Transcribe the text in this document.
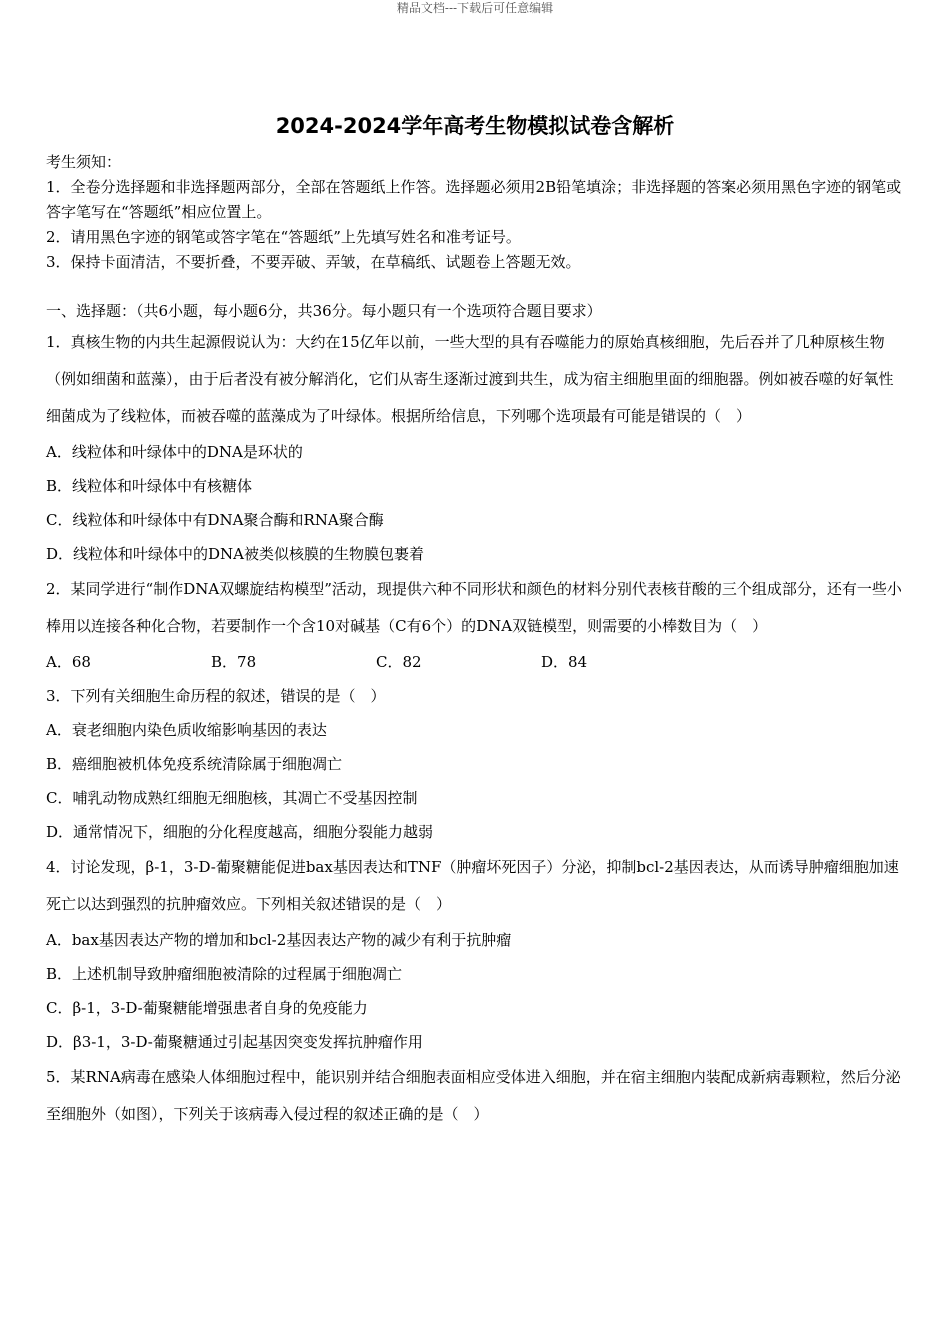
精品文档---下载后可任意编辑
2024-2024学年高考生物模拟试卷含解析

考生须知：

1．全卷分选择题和非选择题两部分，全部在答题纸上作答。选择题必须用2B铅笔填涂；非选择题的答案必须用黑色字迹的钢笔或答字笔写在“答题纸”相应位置上。

2．请用黑色字迹的钢笔或答字笔在“答题纸”上先填写姓名和准考证号。

3．保持卡面清洁，不要折叠，不要弄破、弄皱，在草稿纸、试题卷上答题无效。

一、选择题：（共6小题，每小题6分，共36分。每小题只有一个选项符合题目要求）

1．真核生物的内共生起源假说认为：大约在15亿年以前，一些大型的具有吞噬能力的原始真核细胞，先后吞并了几种原核生物（例如细菌和蓝藻），由于后者没有被分解消化，它们从寄生逐渐过渡到共生，成为宿主细胞里面的细胞器。例如被吞噬的好氧性细菌成为了线粒体，而被吞噬的蓝藻成为了叶绿体。根据所给信息，下列哪个选项最有可能是错误的（　）

A．线粒体和叶绿体中的DNA是环状的

B．线粒体和叶绿体中有核糖体

C．线粒体和叶绿体中有DNA聚合酶和RNA聚合酶

D．线粒体和叶绿体中的DNA被类似核膜的生物膜包裹着

2．某同学进行“制作DNA双螺旋结构模型”活动，现提供六种不同形状和颜色的材料分别代表核苷酸的三个组成部分，还有一些小棒用以连接各种化合物，若要制作一个含10对碱基（C有6个）的DNA双链模型，则需要的小棒数目为（　）

A．68	B．78	C．82	D．84

3．下列有关细胞生命历程的叙述，错误的是（　）

A．衰老细胞内染色质收缩影响基因的表达

B．癌细胞被机体免疫系统清除属于细胞凋亡

C．哺乳动物成熟红细胞无细胞核，其凋亡不受基因控制

D．通常情况下，细胞的分化程度越高，细胞分裂能力越弱

4．讨论发现，β-1，3-D-葡聚糖能促进bax基因表达和TNF（肿瘤坏死因子）分泌，抑制bcl-2基因表达，从而诱导肿瘤细胞加速死亡以达到强烈的抗肿瘤效应。下列相关叙述错误的是（　）

A．bax基因表达产物的增加和bcl-2基因表达产物的减少有利于抗肿瘤

B．上述机制导致肿瘤细胞被清除的过程属于细胞凋亡

C．β-1，3-D-葡聚糖能增强患者自身的免疫能力

D．β3-1，3-D-葡聚糖通过引起基因突变发挥抗肿瘤作用

5．某RNA病毒在感染人体细胞过程中，能识别并结合细胞表面相应受体进入细胞，并在宿主细胞内装配成新病毒颗粒，然后分泌至细胞外（如图），下列关于该病毒入侵过程的叙述正确的是（　）
